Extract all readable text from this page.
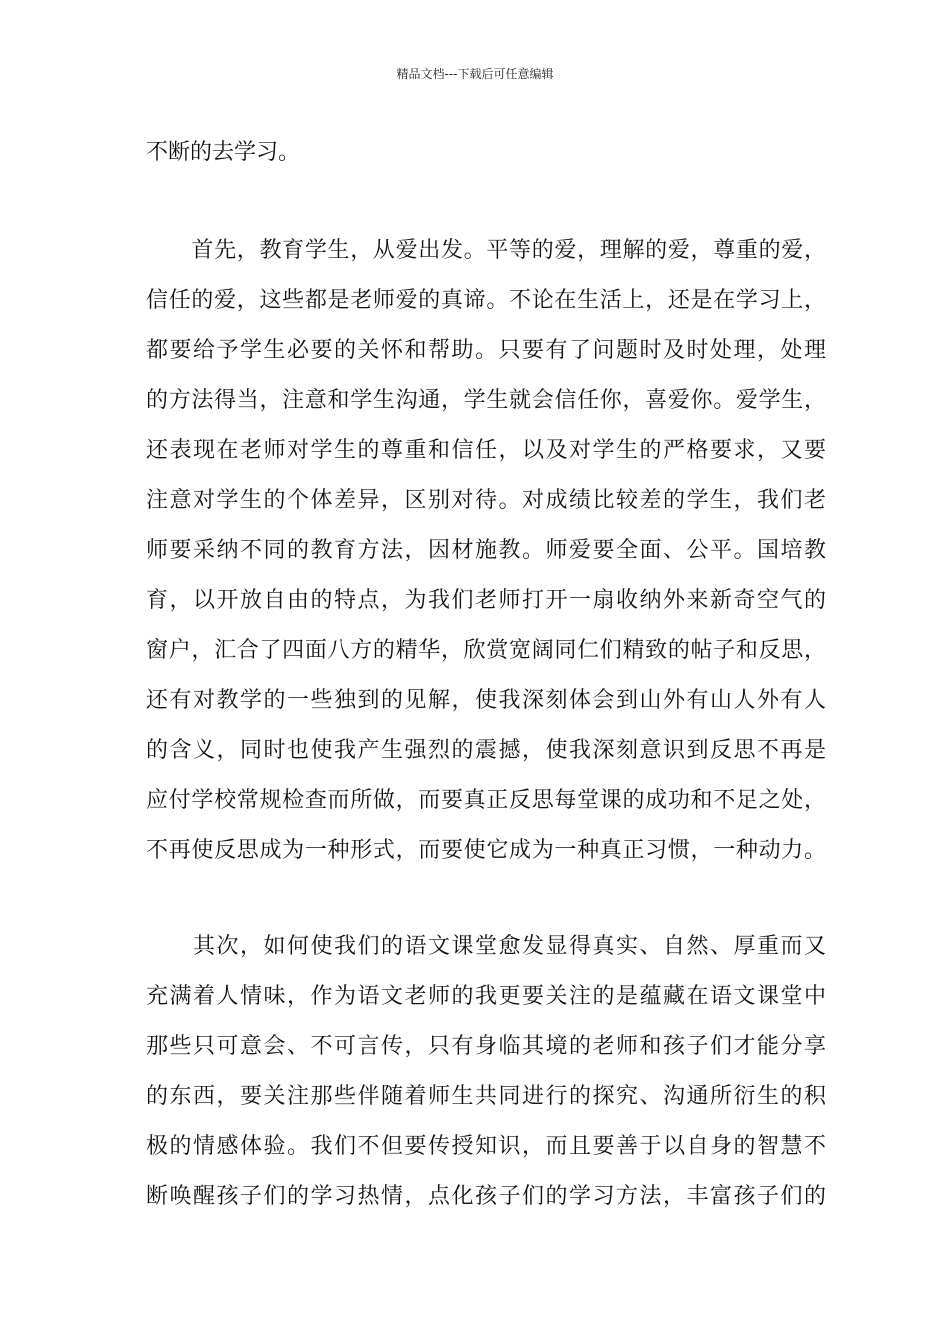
精品文档---下载后可任意编辑
不断的去学习。
　　首先，教育学生，从爱出发。平等的爱，理解的爱，尊重的爱，
信任的爱，这些都是老师爱的真谛。不论在生活上，还是在学习上，
都要给予学生必要的关怀和帮助。只要有了问题时及时处理，处理
的方法得当，注意和学生沟通，学生就会信任你，喜爱你。爱学生，
还表现在老师对学生的尊重和信任，以及对学生的严格要求，又要
注意对学生的个体差异，区别对待。对成绩比较差的学生，我们老
师要采纳不同的教育方法，因材施教。师爱要全面、公平。国培教
育，以开放自由的特点，为我们老师打开一扇收纳外来新奇空气的
窗户，汇合了四面八方的精华，欣赏宽阔同仁们精致的帖子和反思，
还有对教学的一些独到的见解，使我深刻体会到山外有山人外有人
的含义，同时也使我产生强烈的震撼，使我深刻意识到反思不再是
应付学校常规检查而所做，而要真正反思每堂课的成功和不足之处，
不再使反思成为一种形式，而要使它成为一种真正习惯，一种动力。
　　其次，如何使我们的语文课堂愈发显得真实、自然、厚重而又
充满着人情味，作为语文老师的我更要关注的是蕴藏在语文课堂中
那些只可意会、不可言传，只有身临其境的老师和孩子们才能分享
的东西，要关注那些伴随着师生共同进行的探究、沟通所衍生的积
极的情感体验。我们不但要传授知识，而且要善于以自身的智慧不
断唤醒孩子们的学习热情，点化孩子们的学习方法，丰富孩子们的
